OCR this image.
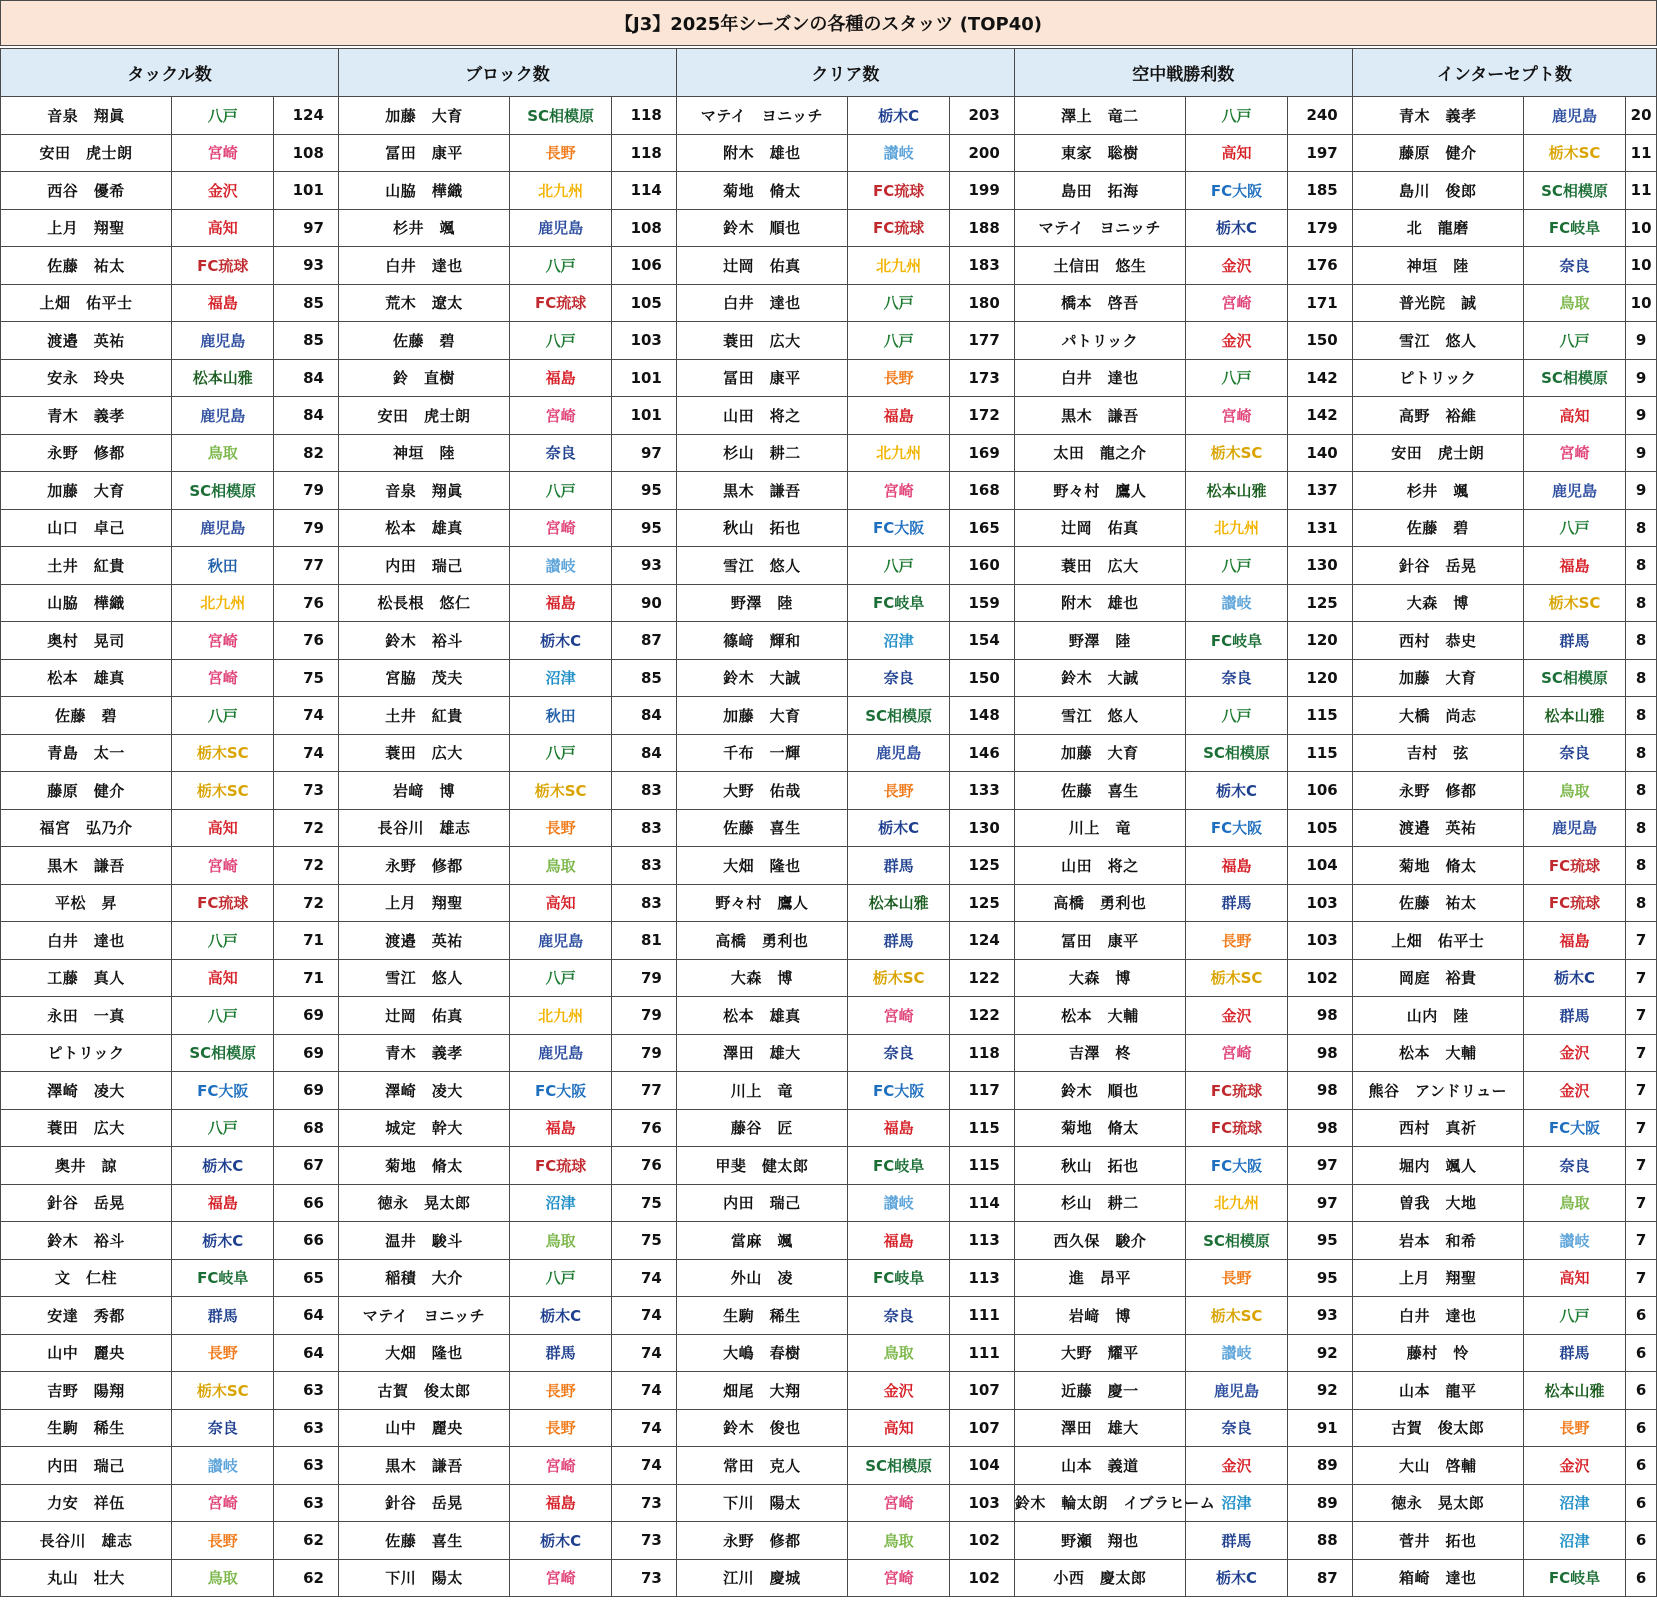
【J3】2025年シーズンの各種のスタッツ (TOP40)														

タックル数			ブロック数			クリア数			空中戦勝利数			インターセプト数		
音泉　翔眞	八戸	124	加藤　大育	SC相模原	118	マテイ　ヨニッチ	栃木C	203	澤上　竜二	八戸	240	青木　義孝	鹿児島	20
安田　虎士朗	宮崎	108	冨田　康平	長野	118	附木　雄也	讃岐	200	東家　聡樹	高知	197	藤原　健介	栃木SC	11
西谷　優希	金沢	101	山脇　樺織	北九州	114	菊地　脩太	FC琉球	199	島田　拓海	FC大阪	185	島川　俊郎	SC相模原	11
上月　翔聖	高知	97	杉井　颯	鹿児島	108	鈴木　順也	FC琉球	188	マテイ　ヨニッチ	栃木C	179	北　龍磨	FC岐阜	10
佐藤　祐太	FC琉球	93	白井　達也	八戸	106	辻岡　佑真	北九州	183	土信田　悠生	金沢	176	神垣　陸	奈良	10
上畑　佑平士	福島	85	荒木　遼太	FC琉球	105	白井　達也	八戸	180	橋本　啓吾	宮崎	171	普光院　誠	鳥取	10
渡邉　英祐	鹿児島	85	佐藤　碧	八戸	103	蓑田　広大	八戸	177	パトリック	金沢	150	雪江　悠人	八戸	9
安永　玲央	松本山雅	84	鈴　直樹	福島	101	冨田　康平	長野	173	白井　達也	八戸	142	ピトリック	SC相模原	9
青木　義孝	鹿児島	84	安田　虎士朗	宮崎	101	山田　将之	福島	172	黒木　謙吾	宮崎	142	高野　裕維	高知	9
永野　修都	鳥取	82	神垣　陸	奈良	97	杉山　耕二	北九州	169	太田　龍之介	栃木SC	140	安田　虎士朗	宮崎	9
加藤　大育	SC相模原	79	音泉　翔眞	八戸	95	黒木　謙吾	宮崎	168	野々村　鷹人	松本山雅	137	杉井　颯	鹿児島	9
山口　卓己	鹿児島	79	松本　雄真	宮崎	95	秋山　拓也	FC大阪	165	辻岡　佑真	北九州	131	佐藤　碧	八戸	8
土井　紅貴	秋田	77	内田　瑞己	讃岐	93	雪江　悠人	八戸	160	蓑田　広大	八戸	130	針谷　岳晃	福島	8
山脇　樺織	北九州	76	松長根　悠仁	福島	90	野澤　陸	FC岐阜	159	附木　雄也	讃岐	125	大森　博	栃木SC	8
奥村　晃司	宮崎	76	鈴木　裕斗	栃木C	87	篠﨑　輝和	沼津	154	野澤　陸	FC岐阜	120	西村　恭史	群馬	8
松本　雄真	宮崎	75	宮脇　茂夫	沼津	85	鈴木　大誠	奈良	150	鈴木　大誠	奈良	120	加藤　大育	SC相模原	8
佐藤　碧	八戸	74	土井　紅貴	秋田	84	加藤　大育	SC相模原	148	雪江　悠人	八戸	115	大橋　尚志	松本山雅	8
青島　太一	栃木SC	74	蓑田　広大	八戸	84	千布　一輝	鹿児島	146	加藤　大育	SC相模原	115	吉村　弦	奈良	8
藤原　健介	栃木SC	73	岩﨑　博	栃木SC	83	大野　佑哉	長野	133	佐藤　喜生	栃木C	106	永野　修都	鳥取	8
福宮　弘乃介	高知	72	長谷川　雄志	長野	83	佐藤　喜生	栃木C	130	川上　竜	FC大阪	105	渡邉　英祐	鹿児島	8
黒木　謙吾	宮崎	72	永野　修都	鳥取	83	大畑　隆也	群馬	125	山田　将之	福島	104	菊地　脩太	FC琉球	8
平松　昇	FC琉球	72	上月　翔聖	高知	83	野々村　鷹人	松本山雅	125	高橋　勇利也	群馬	103	佐藤　祐太	FC琉球	8
白井　達也	八戸	71	渡邉　英祐	鹿児島	81	高橋　勇利也	群馬	124	冨田　康平	長野	103	上畑　佑平士	福島	7
工藤　真人	高知	71	雪江　悠人	八戸	79	大森　博	栃木SC	122	大森　博	栃木SC	102	岡庭　裕貴	栃木C	7
永田　一真	八戸	69	辻岡　佑真	北九州	79	松本　雄真	宮崎	122	松本　大輔	金沢	98	山内　陸	群馬	7
ピトリック	SC相模原	69	青木　義孝	鹿児島	79	澤田　雄大	奈良	118	吉澤　柊	宮崎	98	松本　大輔	金沢	7
澤崎　凌大	FC大阪	69	澤崎　凌大	FC大阪	77	川上　竜	FC大阪	117	鈴木　順也	FC琉球	98	熊谷　アンドリュー	金沢	7
蓑田　広大	八戸	68	城定　幹大	福島	76	藤谷　匠	福島	115	菊地　脩太	FC琉球	98	西村　真祈	FC大阪	7
奥井　諒	栃木C	67	菊地　脩太	FC琉球	76	甲斐　健太郎	FC岐阜	115	秋山　拓也	FC大阪	97	堀内　颯人	奈良	7
針谷　岳晃	福島	66	徳永　晃太郎	沼津	75	内田　瑞己	讃岐	114	杉山　耕二	北九州	97	曽我　大地	鳥取	7
鈴木　裕斗	栃木C	66	温井　駿斗	鳥取	75	當麻　颯	福島	113	西久保　駿介	SC相模原	95	岩本　和希	讃岐	7
文　仁柱	FC岐阜	65	稲積　大介	八戸	74	外山　凌	FC岐阜	113	進　昂平	長野	95	上月　翔聖	高知	7
安達　秀都	群馬	64	マテイ　ヨニッチ	栃木C	74	生駒　稀生	奈良	111	岩﨑　博	栃木SC	93	白井　達也	八戸	6
山中　麗央	長野	64	大畑　隆也	群馬	74	大嶋　春樹	鳥取	111	大野　耀平	讃岐	92	藤村　怜	群馬	6
吉野　陽翔	栃木SC	63	古賀　俊太郎	長野	74	畑尾　大翔	金沢	107	近藤　慶一	鹿児島	92	山本　龍平	松本山雅	6
生駒　稀生	奈良	63	山中　麗央	長野	74	鈴木　俊也	高知	107	澤田　雄大	奈良	91	古賀　俊太郎	長野	6
内田　瑞己	讃岐	63	黒木　謙吾	宮崎	74	常田　克人	SC相模原	104	山本　義道	金沢	89	大山　啓輔	金沢	6
力安　祥伍	宮崎	63	針谷　岳晃	福島	73	下川　陽太	宮崎	103	鈴木　輪太朗　イブラヒーム	沼津	89	徳永　晃太郎	沼津	6
長谷川　雄志	長野	62	佐藤　喜生	栃木C	73	永野　修都	鳥取	102	野瀬　翔也	群馬	88	菅井　拓也	沼津	6
丸山　壮大	鳥取	62	下川　陽太	宮崎	73	江川　慶城	宮崎	102	小西　慶太郎	栃木C	87	箱崎　達也	FC岐阜	6
